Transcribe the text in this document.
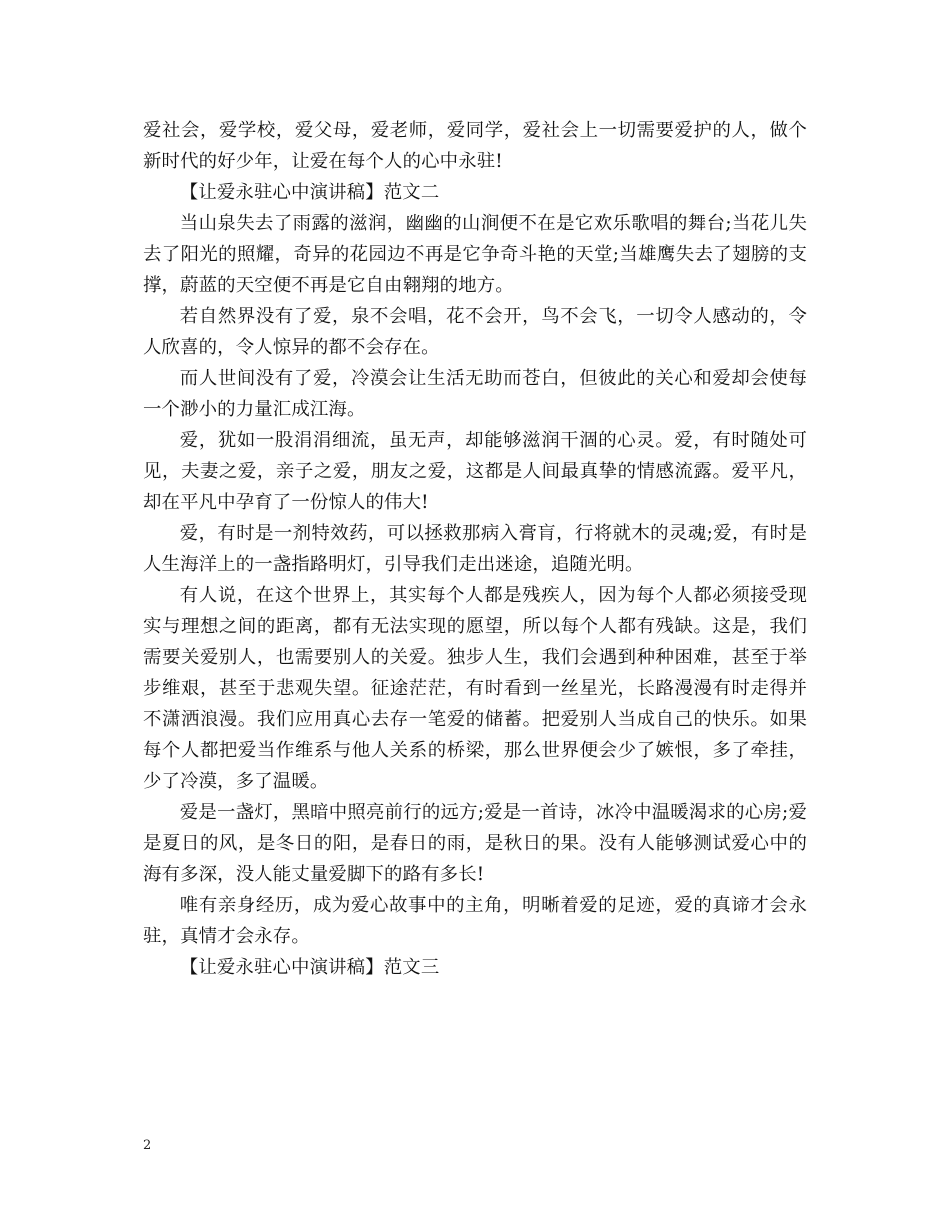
爱社会，爱学校，爱父母，爱老师，爱同学，爱社会上一切需要爱护的人，做个新时代的好少年，让爱在每个人的心中永驻!

【让爱永驻心中演讲稿】范文二

当山泉失去了雨露的滋润，幽幽的山涧便不在是它欢乐歌唱的舞台;当花儿失去了阳光的照耀，奇异的花园边不再是它争奇斗艳的天堂;当雄鹰失去了翅膀的支撑，蔚蓝的天空便不再是它自由翱翔的地方。

若自然界没有了爱，泉不会唱，花不会开，鸟不会飞，一切令人感动的，令人欣喜的，令人惊异的都不会存在。

而人世间没有了爱，冷漠会让生活无助而苍白，但彼此的关心和爱却会使每一个渺小的力量汇成江海。

爱，犹如一股涓涓细流，虽无声，却能够滋润干涸的心灵。爱，有时随处可见，夫妻之爱，亲子之爱，朋友之爱，这都是人间最真挚的情感流露。爱平凡，却在平凡中孕育了一份惊人的伟大!

爱，有时是一剂特效药，可以拯救那病入膏肓，行将就木的灵魂;爱，有时是人生海洋上的一盏指路明灯，引导我们走出迷途，追随光明。

有人说，在这个世界上，其实每个人都是残疾人，因为每个人都必须接受现实与理想之间的距离，都有无法实现的愿望，所以每个人都有残缺。这是，我们需要关爱别人，也需要别人的关爱。独步人生，我们会遇到种种困难，甚至于举步维艰，甚至于悲观失望。征途茫茫，有时看到一丝星光，长路漫漫有时走得并不潇洒浪漫。我们应用真心去存一笔爱的储蓄。把爱别人当成自己的快乐。如果每个人都把爱当作维系与他人关系的桥梁，那么世界便会少了嫉恨，多了牵挂，少了冷漠，多了温暖。

爱是一盏灯，黑暗中照亮前行的远方;爱是一首诗，冰冷中温暖渴求的心房;爱是夏日的风，是冬日的阳，是春日的雨，是秋日的果。没有人能够测试爱心中的海有多深，没人能丈量爱脚下的路有多长!

唯有亲身经历，成为爱心故事中的主角，明晰着爱的足迹，爱的真谛才会永驻，真情才会永存。

【让爱永驻心中演讲稿】范文三

2
